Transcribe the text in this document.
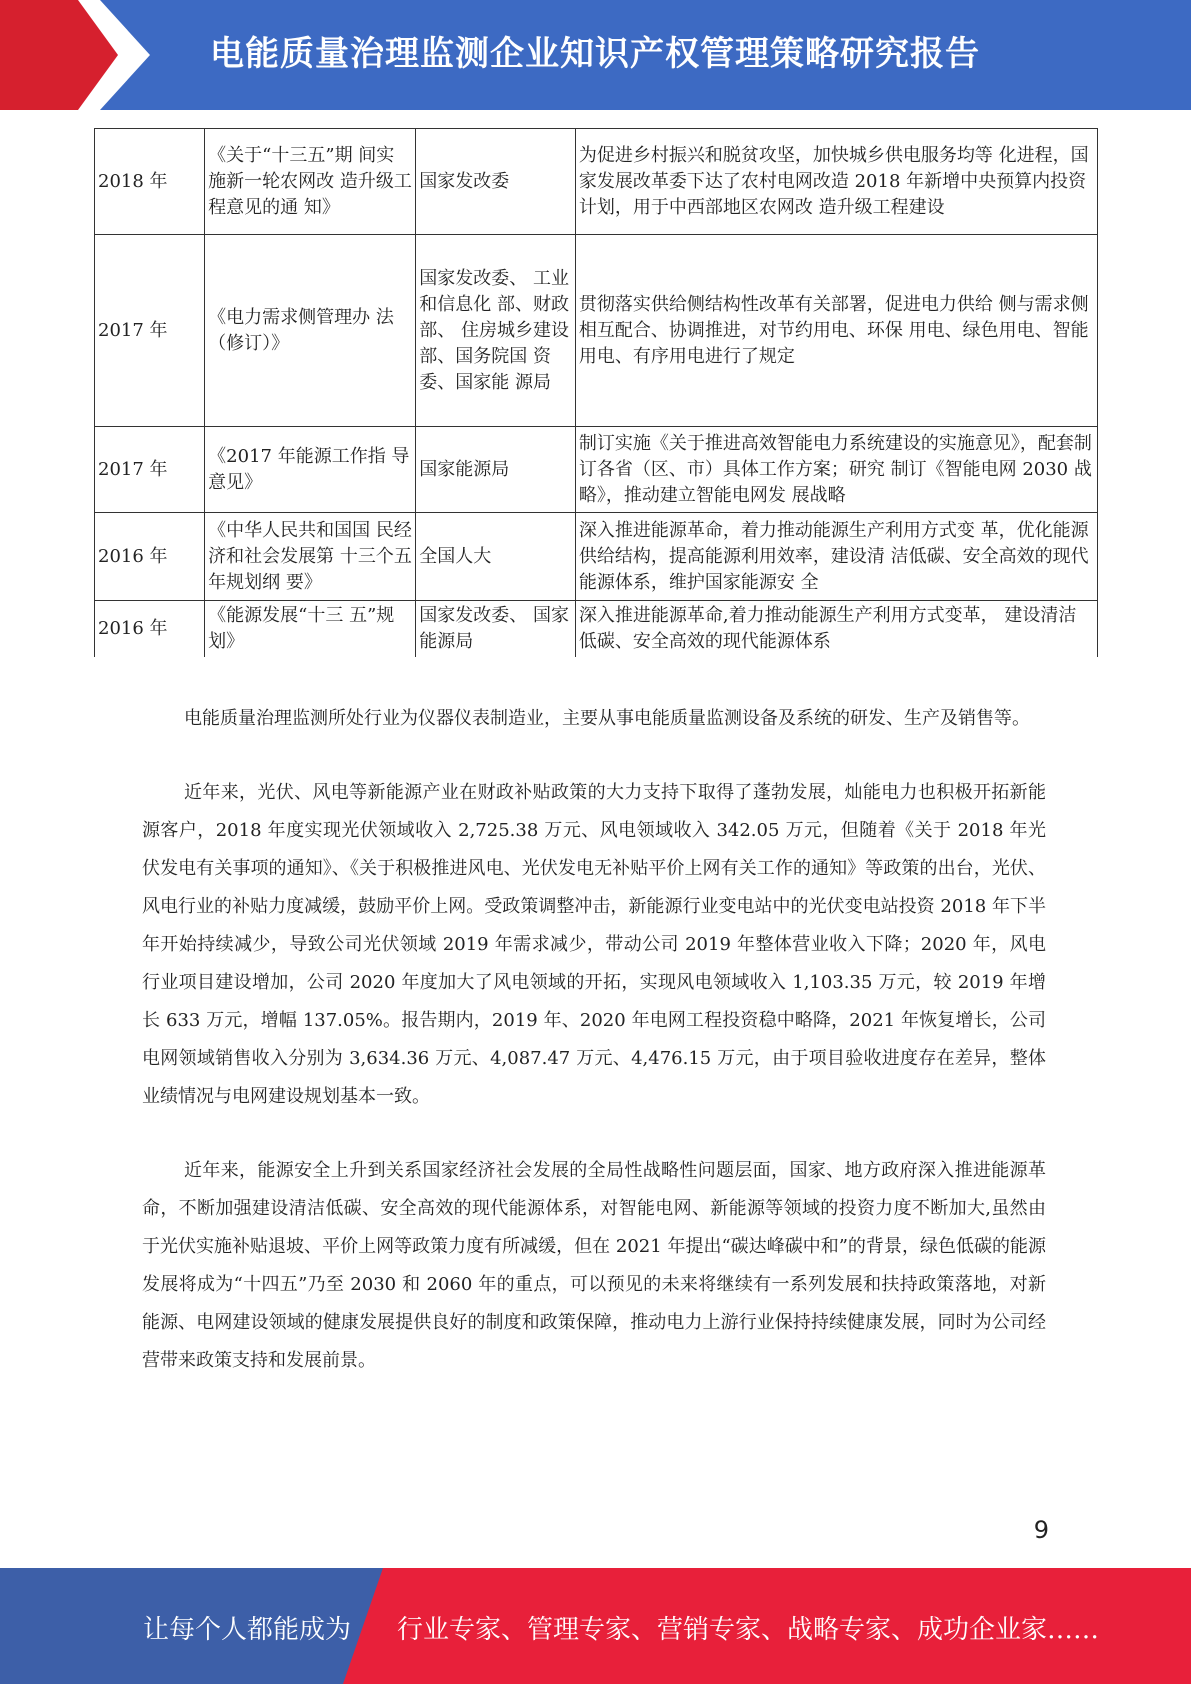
电能质量治理监测企业知识产权管理策略研究报告
2018 年	《关于“十三五”期 间实施新一轮农网改 造升级工程意见的通 知》	国家发改委	为促进乡村振兴和脱贫攻坚，加快城乡供电服务均等 化进程，国家发展改革委下达了农村电网改造 2018 年新增中央预算内投资计划，用于中西部地区农网改 造升级工程建设
2017 年	《电力需求侧管理办 法（修订）》	国家发改委、 工业和信息化 部、财政部、 住房城乡建设 部、国务院国 资委、国家能 源局	贯彻落实供给侧结构性改革有关部署，促进电力供给 侧与需求侧相互配合、协调推进，对节约用电、环保 用电、绿色用电、智能用电、有序用电进行了规定
2017 年	《2017 年能源工作指 导意见》	国家能源局	制订实施《关于推进高效智能电力系统建设的实施意见》，配套制订各省（区、市）具体工作方案；研究 制订《智能电网 2030 战略》，推动建立智能电网发 展战略
2016 年	《中华人民共和国国 民经济和社会发展第 十三个五年规划纲 要》	全国人大	深入推进能源革命，着力推动能源生产利用方式变 革，优化能源供给结构，提高能源利用效率，建设清 洁低碳、安全高效的现代能源体系，维护国家能源安 全
2016 年	《能源发展“十三 五”规划》	国家发改委、 国家能源局	深入推进能源革命,着力推动能源生产利用方式变革， 建设清洁低碳、安全高效的现代能源体系

电能质量治理监测所处行业为仪器仪表制造业，主要从事电能质量监测设备及系统的研发、生产及销售等。

近年来，光伏、风电等新能源产业在财政补贴政策的大力支持下取得了蓬勃发展，灿能电力也积极开拓新能源客户，2018 年度实现光伏领域收入 2,725.38 万元、风电领域收入 342.05 万元，但随着《关于 2018 年光伏发电有关事项的通知》、《关于积极推进风电、光伏发电无补贴平价上网有关工作的通知》等政策的出台，光伏、风电行业的补贴力度减缓，鼓励平价上网。受政策调整冲击，新能源行业变电站中的光伏变电站投资 2018 年下半年开始持续减少，导致公司光伏领域 2019 年需求减少，带动公司 2019 年整体营业收入下降；2020 年，风电行业项目建设增加，公司 2020 年度加大了风电领域的开拓，实现风电领域收入 1,103.35 万元，较 2019 年增长 633 万元，增幅 137.05%。报告期内，2019 年、2020 年电网工程投资稳中略降，2021 年恢复增长，公司电网领域销售收入分别为 3,634.36 万元、4,087.47 万元、4,476.15 万元，由于项目验收进度存在差异，整体业绩情况与电网建设规划基本一致。

近年来，能源安全上升到关系国家经济社会发展的全局性战略性问题层面，国家、地方政府深入推进能源革命，不断加强建设清洁低碳、安全高效的现代能源体系，对智能电网、新能源等领域的投资力度不断加大,虽然由于光伏实施补贴退坡、平价上网等政策力度有所减缓，但在 2021 年提出“碳达峰碳中和”的背景，绿色低碳的能源发展将成为“十四五”乃至 2030 和 2060 年的重点，可以预见的未来将继续有一系列发展和扶持政策落地，对新能源、电网建设领域的健康发展提供良好的制度和政策保障，推动电力上游行业保持持续健康发展，同时为公司经营带来政策支持和发展前景。

9
让每个人都能成为 行业专家、管理专家、营销专家、战略专家、成功企业家……
